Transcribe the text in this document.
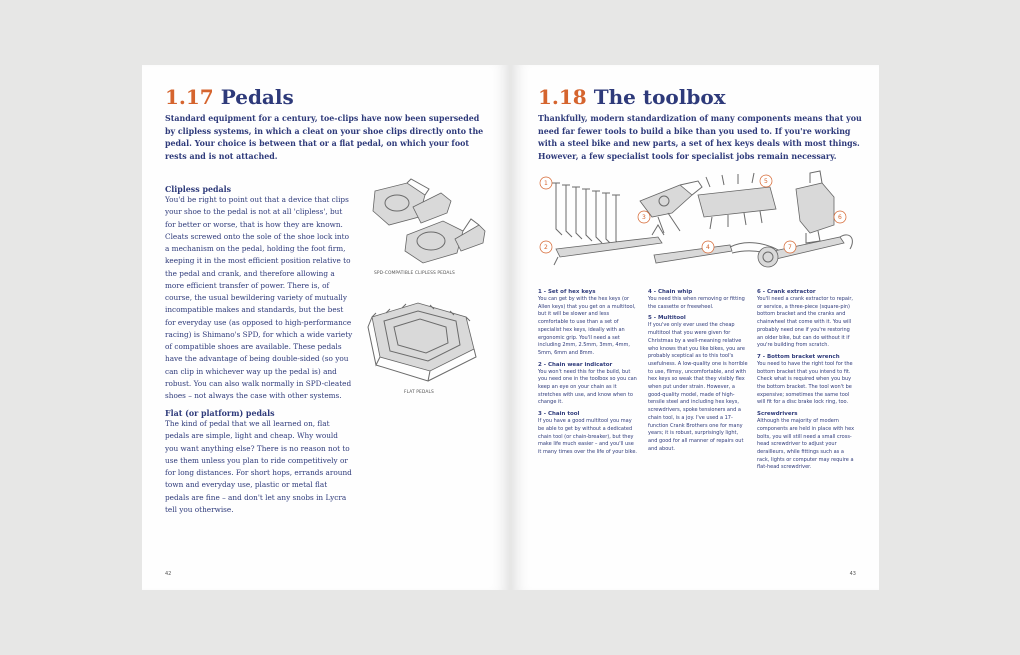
1.17 Pedals

Standard equipment for a century, toe-clips have now been superseded by clipless systems, in which a cleat on your shoe clips directly onto the pedal. Your choice is between that or a flat pedal, on which your foot rests and is not attached.

Clipless pedals

You'd be right to point out that a device that clips your shoe to the pedal is not at all 'clipless', but for better or worse, that is how they are known. Cleats screwed onto the sole of the shoe lock into a mechanism on the pedal, holding the foot firm, keeping it in the most efficient position relative to the pedal and crank, and therefore allowing a more efficient transfer of power. There is, of course, the usual bewildering variety of mutually incompatible makes and standards, but the best for everyday use (as opposed to high-performance racing) is Shimano's SPD, for which a wide variety of compatible shoes are available. These pedals have the advantage of being double-sided (so you can clip in whichever way up the pedal is) and robust. You can also walk normally in SPD-cleated shoes – not always the case with other systems.

Flat (or platform) pedals

The kind of pedal that we all learned on, flat pedals are simple, light and cheap. Why would you want anything else? There is no reason not to use them unless you plan to ride competitively or for long distances. For short hops, errands around town and everyday use, plastic or metal flat pedals are fine – and don't let any snobs in Lycra tell you otherwise.

SPD-COMPATIBLE CLIPLESS PEDALS
FLAT PEDALS
42
1.18 The toolbox

Thankfully, modern standardization of many components means that you need far fewer tools to build a bike than you used to. If you're working with a steel bike and new parts, a set of hex keys deals with most things. However, a few specialist tools for specialist jobs remain necessary.

1
2
3
4
5
6
7

1 - Set of hex keys

You can get by with the hex keys (or Allen keys) that you get on a multitool, but it will be slower and less comfortable to use than a set of specialist hex keys, ideally with an ergonomic grip. You'll need a set including 2mm, 2.5mm, 3mm, 4mm, 5mm, 6mm and 8mm.

2 - Chain wear indicator

You won't need this for the build, but you need one in the toolbox so you can keep an eye on your chain as it stretches with use, and know when to change it.

3 - Chain tool

If you have a good multitool you may be able to get by without a dedicated chain tool (or chain-breaker), but they make life much easier – and you'll use it many times over the life of your bike.

4 - Chain whip

You need this when removing or fitting the cassette or freewheel.

5 - Multitool

If you've only ever used the cheap multitool that you were given for Christmas by a well-meaning relative who knows that you like bikes, you are probably sceptical as to this tool's usefulness. A low-quality one is horrible to use, flimsy, uncomfortable, and with hex keys so weak that they visibly flex when put under strain. However, a good-quality model, made of high-tensile steel and including hex keys, screwdrivers, spoke tensioners and a chain tool, is a joy. I've used a 17-function Crank Brothers one for many years; it is robust, surprisingly light, and good for all manner of repairs out and about.

6 - Crank extractor

You'll need a crank extractor to repair, or service, a three-piece (square-pin) bottom bracket and the cranks and chainwheel that come with it. You will probably need one if you're restoring an older bike, but can do without it if you're building from scratch.

7 - Bottom bracket wrench

You need to have the right tool for the bottom bracket that you intend to fit. Check what is required when you buy the bottom bracket. The tool won't be expensive; sometimes the same tool will fit for a disc brake lock ring, too.

Screwdrivers

Although the majority of modern components are held in place with hex bolts, you will still need a small cross-head screwdriver to adjust your derailleurs, while fittings such as a rack, lights or computer may require a flat-head screwdriver.

43
